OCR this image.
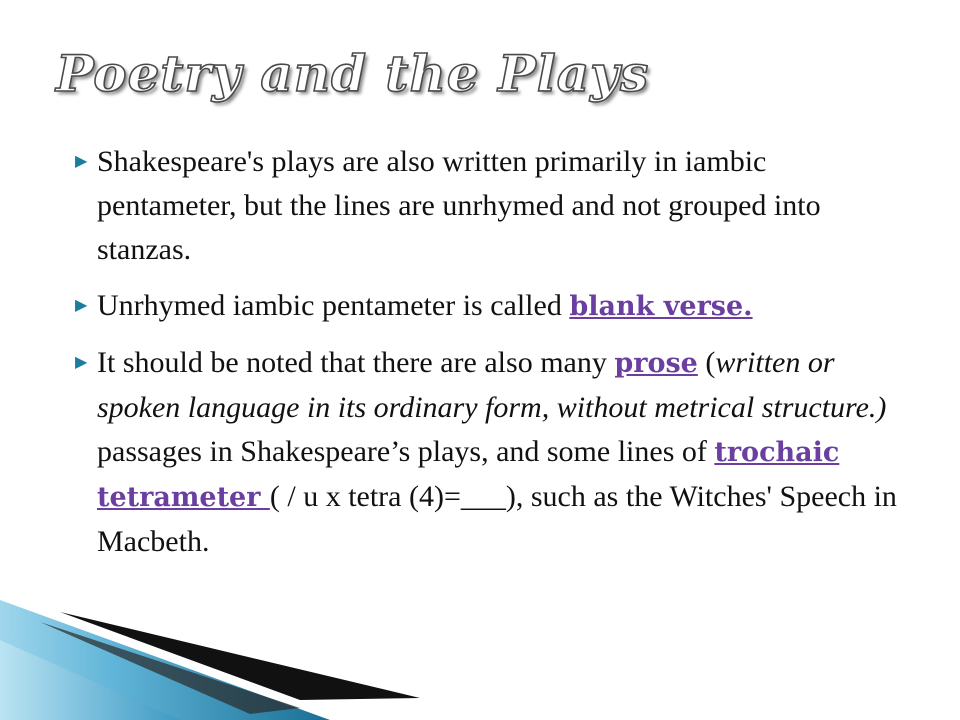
Poetry and the Plays
▶ Shakespeare's plays are also written primarily in iambic pentameter, but the lines are unrhymed and not grouped into stanzas.
▶ Unrhymed iambic pentameter is called blank verse.
▶ It should be noted that there are also many prose (written or spoken language in its ordinary form, without metrical structure.) passages in Shakespeare’s plays, and some lines of trochaic tetrameter ( / u x tetra (4)=___), such as the Witches' Speech in Macbeth.
